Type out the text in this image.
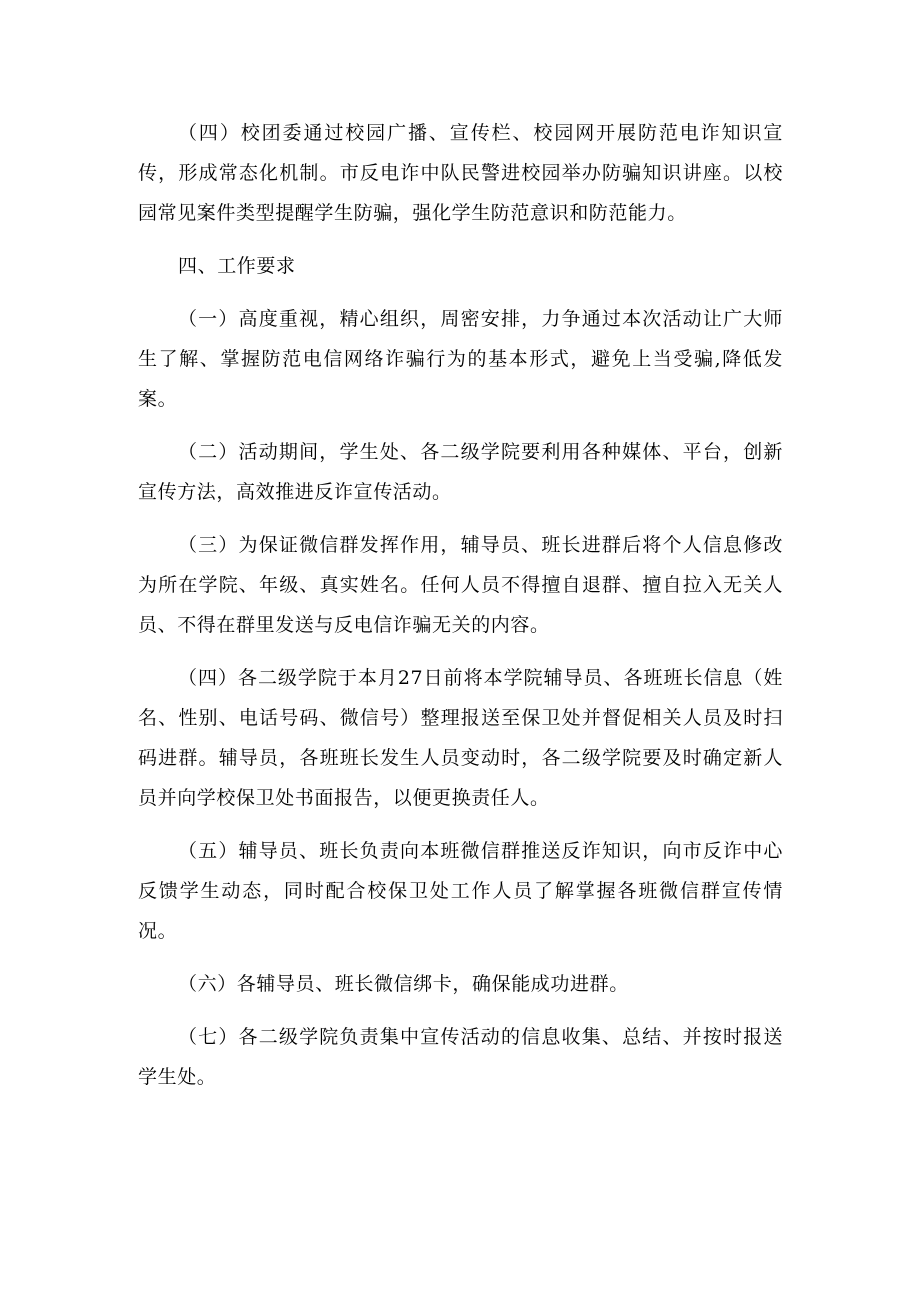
（四）校团委通过校园广播、宣传栏、校园网开展防范电诈知识宣传，形成常态化机制。市反电诈中队民警进校园举办防骗知识讲座。以校园常见案件类型提醒学生防骗，强化学生防范意识和防范能力。

四、工作要求

（一）高度重视，精心组织，周密安排，力争通过本次活动让广大师生了解、掌握防范电信网络诈骗行为的基本形式，避免上当受骗,降低发案。

（二）活动期间，学生处、各二级学院要利用各种媒体、平台，创新宣传方法，高效推进反诈宣传活动。

（三）为保证微信群发挥作用，辅导员、班长进群后将个人信息修改为所在学院、年级、真实姓名。任何人员不得擅自退群、擅自拉入无关人员、不得在群里发送与反电信诈骗无关的内容。

（四）各二级学院于本月27日前将本学院辅导员、各班班长信息（姓名、性别、电话号码、微信号）整理报送至保卫处并督促相关人员及时扫码进群。辅导员，各班班长发生人员变动时，各二级学院要及时确定新人员并向学校保卫处书面报告，以便更换责任人。

（五）辅导员、班长负责向本班微信群推送反诈知识，向市反诈中心反馈学生动态，同时配合校保卫处工作人员了解掌握各班微信群宣传情况。

（六）各辅导员、班长微信绑卡，确保能成功进群。

（七）各二级学院负责集中宣传活动的信息收集、总结、并按时报送学生处。
